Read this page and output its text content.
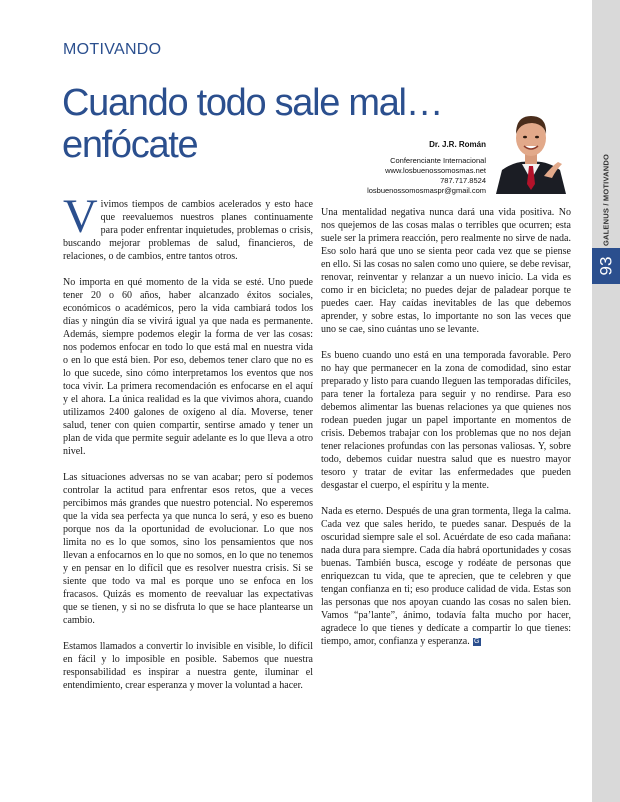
GALENUS / MOTIVANDO
93
MOTIVANDO
Cuando todo sale mal…
enfócate	Dr. J.R. Román
Conferenciante Internacional
www.losbuenossomosmas.net
787.717.8524
losbuenossomosmaspr@gmail.com

Vivimos tiempos de cambios acelerados y esto hace que reevaluemos nuestros planes continuamente para poder enfrentar inquietudes, problemas o crisis, buscando mejorar problemas de salud, financieros, de relaciones, o de cambios, entre tantos otros.

No importa en qué momento de la vida se esté. Uno puede tener 20 o 60 años, haber alcanzado éxitos sociales, económicos o académicos, pero la vida cambiará todos los días y ningún día se vivirá igual ya que nada es permanente. Además, siempre podemos elegir la forma de ver las cosas: nos podemos enfocar en todo lo que está mal en nuestra vida o en lo que está bien. Por eso, debemos tener claro que no es lo que sucede, sino cómo interpretamos los eventos que nos toca vivir. La primera recomendación es enfocarse en el aquí y el ahora. La única realidad es la que vivimos ahora, cuando utilizamos 2400 galones de oxígeno al día. Moverse, tener salud, tener con quien compartir, sentirse amado y tener un plan de vida que permite seguir adelante es lo que lleva a otro nivel.

Las situaciones adversas no se van acabar; pero sí podemos controlar la actitud para enfrentar esos retos, que a veces percibimos más grandes que nuestro potencial. No esperemos que la vida sea perfecta ya que nunca lo será, y eso es bueno porque nos da la oportunidad de evolucionar. Lo que nos limita no es lo que somos, sino los pensamientos que nos llevan a enfocarnos en lo que no somos, en lo que no tenemos y en pensar en lo difícil que es resolver nuestra crisis. Si se siente que todo va mal es porque uno se enfoca en los fracasos. Quizás es momento de reevaluar las expectativas que se tienen, y si no se disfruta lo que se hace plantearse un cambio.

Estamos llamados a convertir lo invisible en visible, lo difícil en fácil y lo imposible en posible. Sabemos que nuestra responsabilidad es inspirar a nuestra gente, iluminar el entendimiento, crear esperanza y mover la voluntad a hacer.

Una mentalidad negativa nunca dará una vida positiva. No nos quejemos de las cosas malas o terribles que ocurren; esta suele ser la primera reacción, pero realmente no sirve de nada. Eso solo hará que uno se sienta peor cada vez que se piense en ello. Si las cosas no salen como uno quiere, se debe revisar, renovar, reinventar y relanzar a un nuevo inicio. La vida es como ir en bicicleta; no puedes dejar de paladear porque te puedes caer. Hay caídas inevitables de las que debemos aprender, y sobre estas, lo importante no son las veces que uno se cae, sino cuántas uno se levante.

Es bueno cuando uno está en una temporada favorable. Pero no hay que permanecer en la zona de comodidad, sino estar preparado y listo para cuando lleguen las temporadas difíciles, para tener la fortaleza para seguir y no rendirse. Para eso debemos alimentar las buenas relaciones ya que quienes nos rodean pueden jugar un papel importante en momentos de crisis. Debemos trabajar con los problemas que no nos dejan tener relaciones profundas con las personas valiosas. Y, sobre todo, debemos cuidar nuestra salud que es nuestro mayor tesoro y tratar de evitar las enfermedades que pueden desgastar el cuerpo, el espíritu y la mente.

Nada es eterno. Después de una gran tormenta, llega la calma. Cada vez que sales herido, te puedes sanar. Después de la oscuridad siempre sale el sol. Acuérdate de eso cada mañana: nada dura para siempre. Cada día habrá oportunidades y cosas buenas. También busca, escoge y rodéate de personas que enriquezcan tu vida, que te aprecien, que te celebren y que tengan confianza en ti; eso produce calidad de vida. Estas son las personas que nos apoyan cuando las cosas no salen bien. Vamos “pa’lante”, ánimo, todavía falta mucho por hacer, agradece lo que tienes y dedícate a compartir lo que tienes: tiempo, amor, confianza y esperanza. G
